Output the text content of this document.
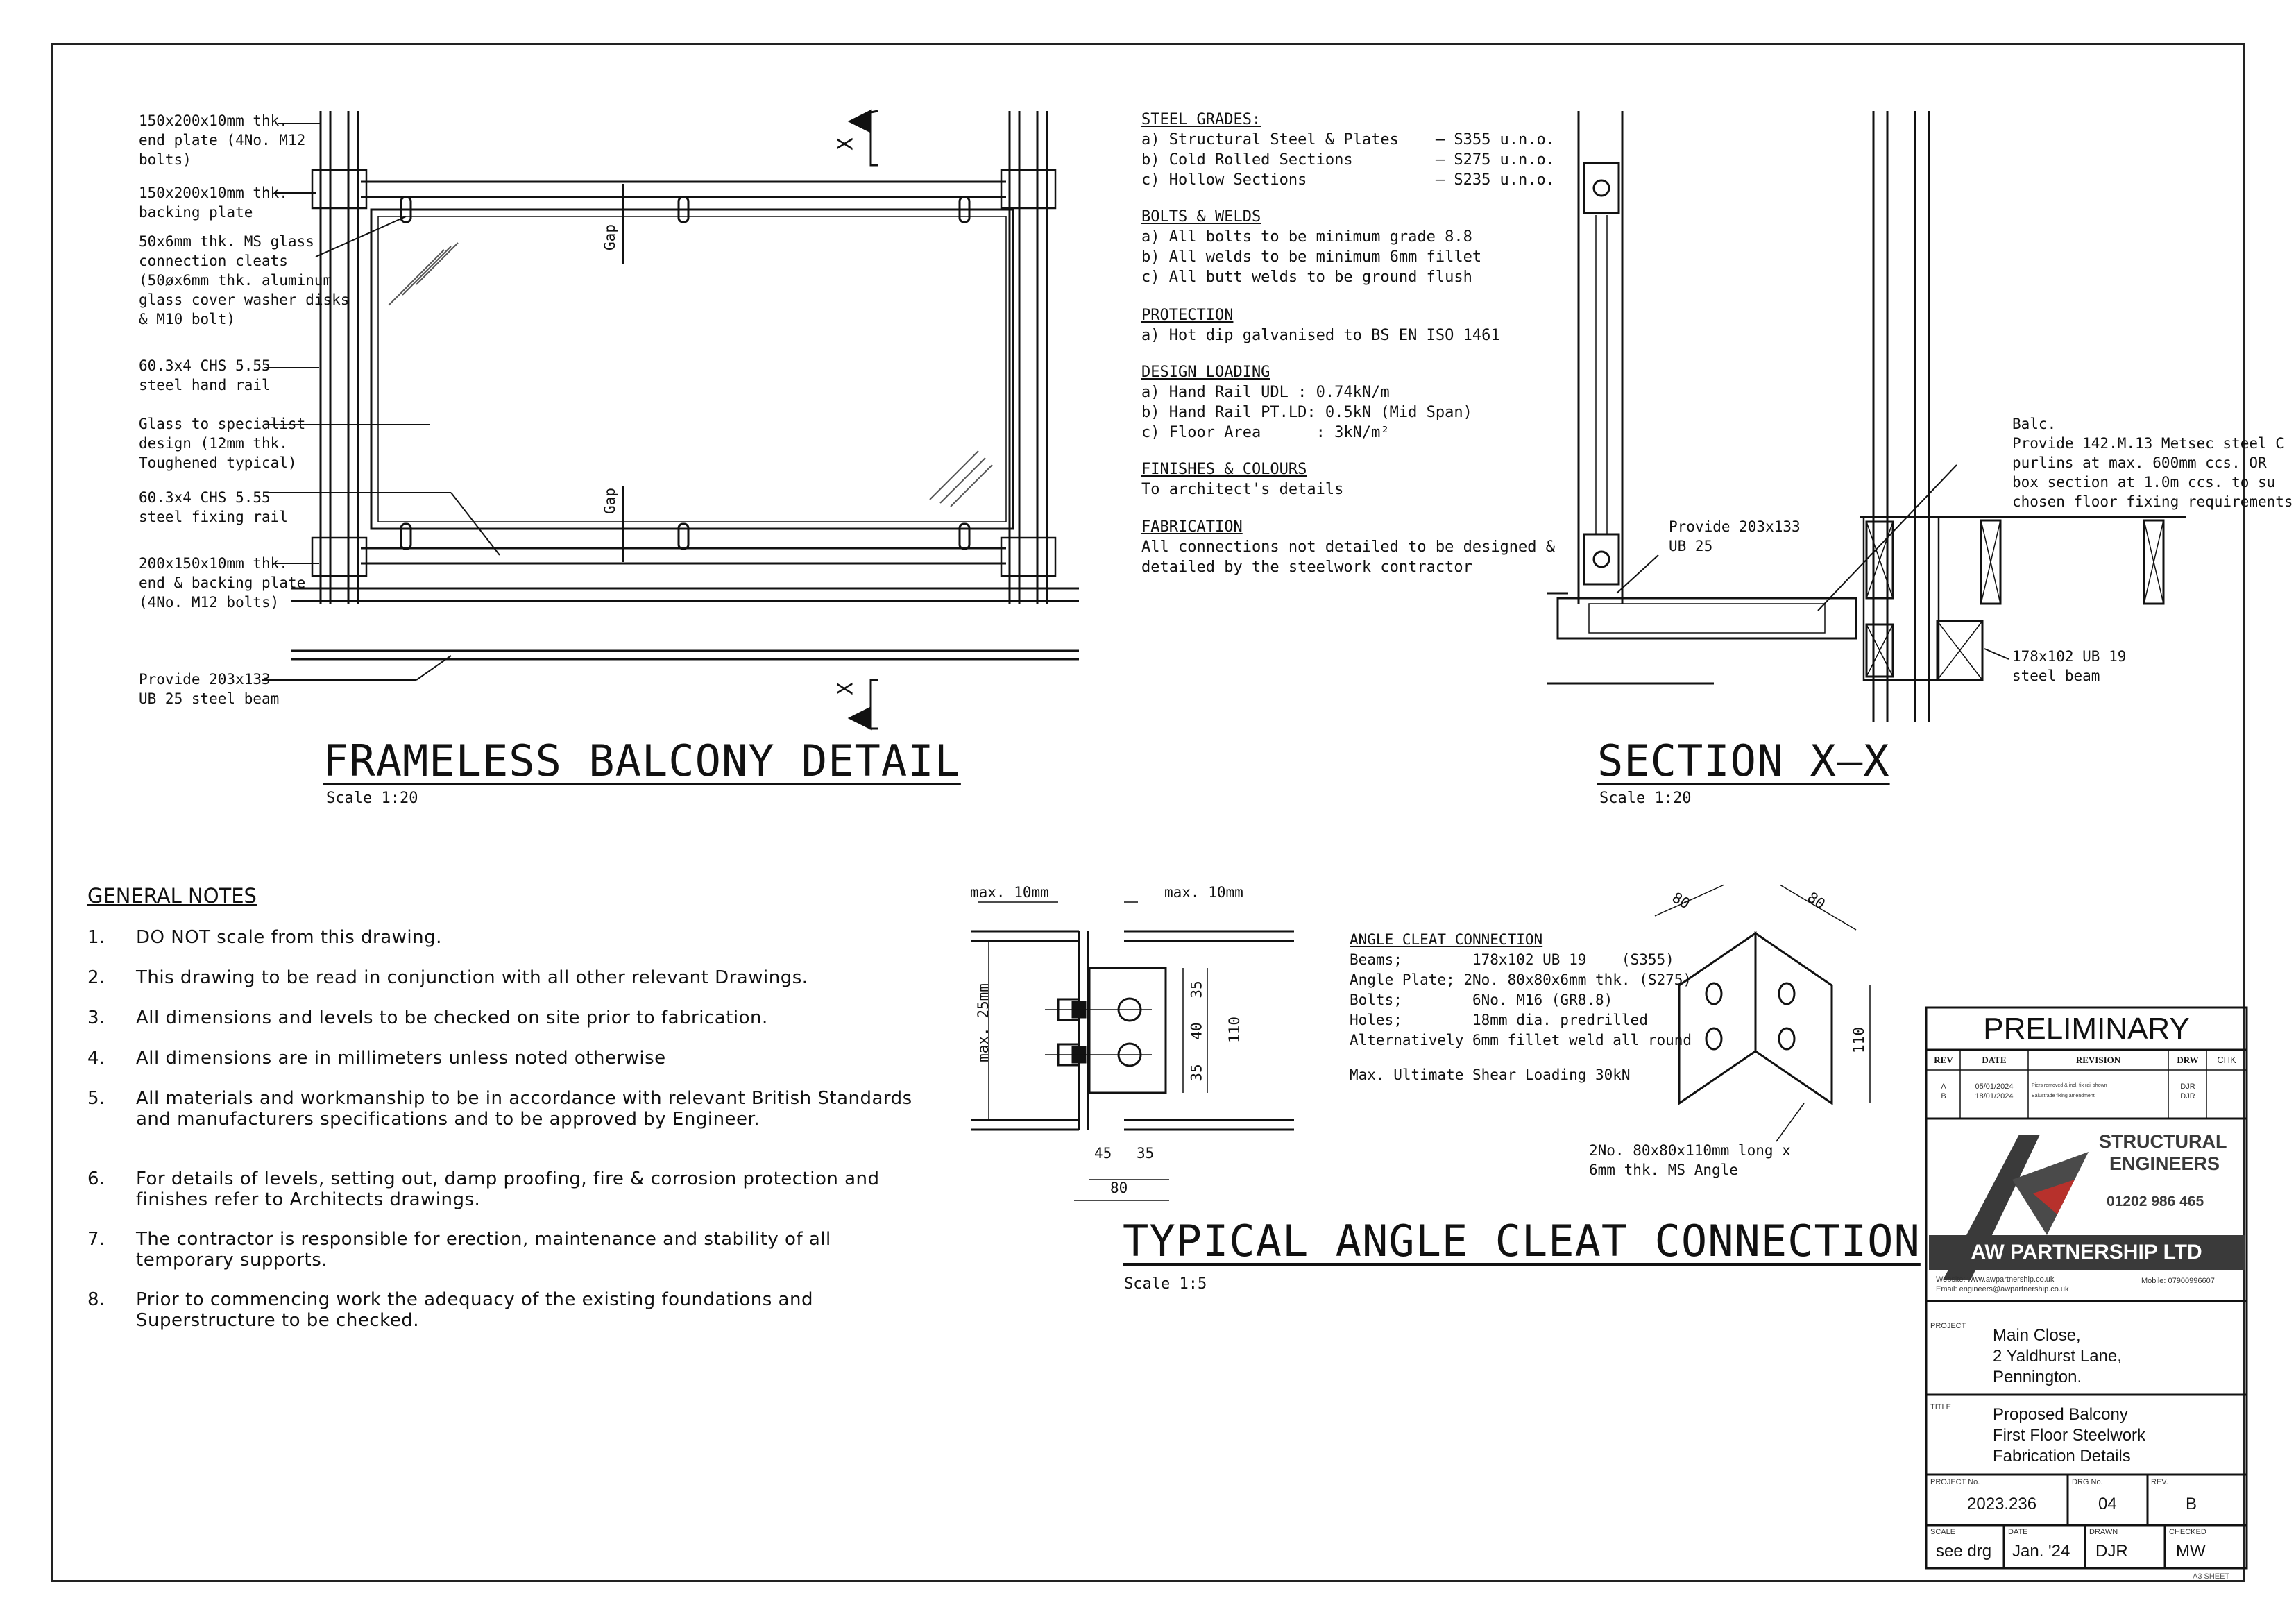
150x200x10mm thk.
end plate (4No. M12
bolts)
150x200x10mm thk.
backing plate
50x6mm thk. MS glass
connection cleats
(50øx6mm thk. aluminum
glass cover washer disks
& M10 bolt)
60.3x4 CHS 5.55
steel hand rail
Glass to specialist
design (12mm thk.
Toughened typical)
60.3x4 CHS 5.55
steel fixing rail
200x150x10mm thk.
end & backing plate
(4No. M12 bolts)
Provide 203x133
UB 25 steel beam
Gap
Gap
X
X
FRAMELESS BALCONY DETAIL
Scale 1:20
STEEL GRADES:
a) Structural Steel & Plates    – S355 u.n.o.
b) Cold Rolled Sections         – S275 u.n.o.
c) Hollow Sections              – S235 u.n.o.
BOLTS & WELDS
a) All bolts to be minimum grade 8.8
b) All welds to be minimum 6mm fillet
c) All butt welds to be ground flush
PROTECTION
a) Hot dip galvanised to BS EN ISO 1461
DESIGN LOADING
a) Hand Rail UDL : 0.74kN/m
b) Hand Rail PT.LD: 0.5kN (Mid Span)
c) Floor Area      : 3kN/m²
FINISHES & COLOURS
To architect's details
FABRICATION
All connections not detailed to be designed &
detailed by the steelwork contractor
Provide 203x133
UB 25
Balc.
Provide 142.M.13 Metsec steel C
purlins at max. 600mm ccs. OR
box section at 1.0m ccs. to su
chosen floor fixing requirements
178x102 UB 19
steel beam
SECTION X–X
Scale 1:20
GENERAL NOTES
1. DO NOT scale from this drawing.
2. This drawing to be read in conjunction with all other relevant Drawings.
3. All dimensions and levels to be checked on site prior to fabrication.
4. All dimensions are in millimeters unless noted otherwise
5. All materials and workmanship to be in accordance with relevant British Standards and manufacturers specifications and to be approved by Engineer.
6. For details of levels, setting out, damp proofing, fire & corrosion protection and finishes refer to Architects drawings.
7. The contractor is responsible for erection, maintenance and stability of all temporary supports.
8. Prior to commencing work the adequacy of the existing foundations and Superstructure to be checked.
max. 10mm	max. 10mm
max. 25mm	35
40
35
110
45 35
80
80	80
110
ANGLE CLEAT CONNECTION
Beams;        178x102 UB 19    (S355)
Angle Plate; 2No. 80x80x6mm thk. (S275)
Bolts;        6No. M16 (GR8.8)
Holes;        18mm dia. predrilled
Alternatively 6mm fillet weld all round
Max. Ultimate Shear Loading 30kN
2No. 80x80x110mm long x
6mm thk. MS Angle
TYPICAL ANGLE CLEAT CONNECTION
Scale 1:5
PRELIMINARY
REV	DATE	REVISION	DRW	CHK
A	05/01/2024	Piers removed & incl. fix rail shown	DJR
B	18/01/2024	Balustrade fixing amendment	DJR
STRUCTURAL
ENGINEERS
01202 986 465
AW PARTNERSHIP LTD
Website: www.awpartnership.co.uk
Email: engineers@awpartnership.co.uk
Mobile: 07900996607
PROJECT Main Close,
2 Yaldhurst Lane,
Pennington.
TITLE	Proposed Balcony
First Floor Steelwork
Fabrication Details
PROJECT No.
2023.236
DRG No.
04
REV.
B
SCALE
see drg
DATE
Jan. '24
DRAWN
DJR
CHECKED
MW
A3 SHEET
